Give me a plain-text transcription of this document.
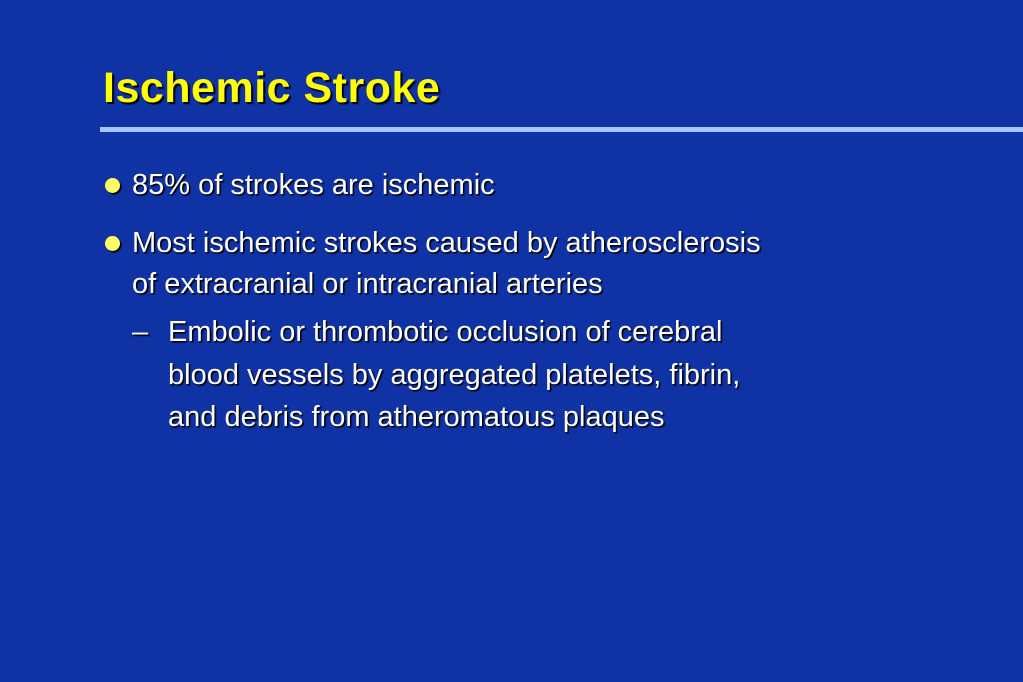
Ischemic Stroke
85% of strokes are ischemic
Most ischemic strokes caused by atherosclerosis
of extracranial or intracranial arteries
– Embolic or thrombotic occlusion of cerebral
blood vessels by aggregated platelets, fibrin,
and debris from atheromatous plaques
